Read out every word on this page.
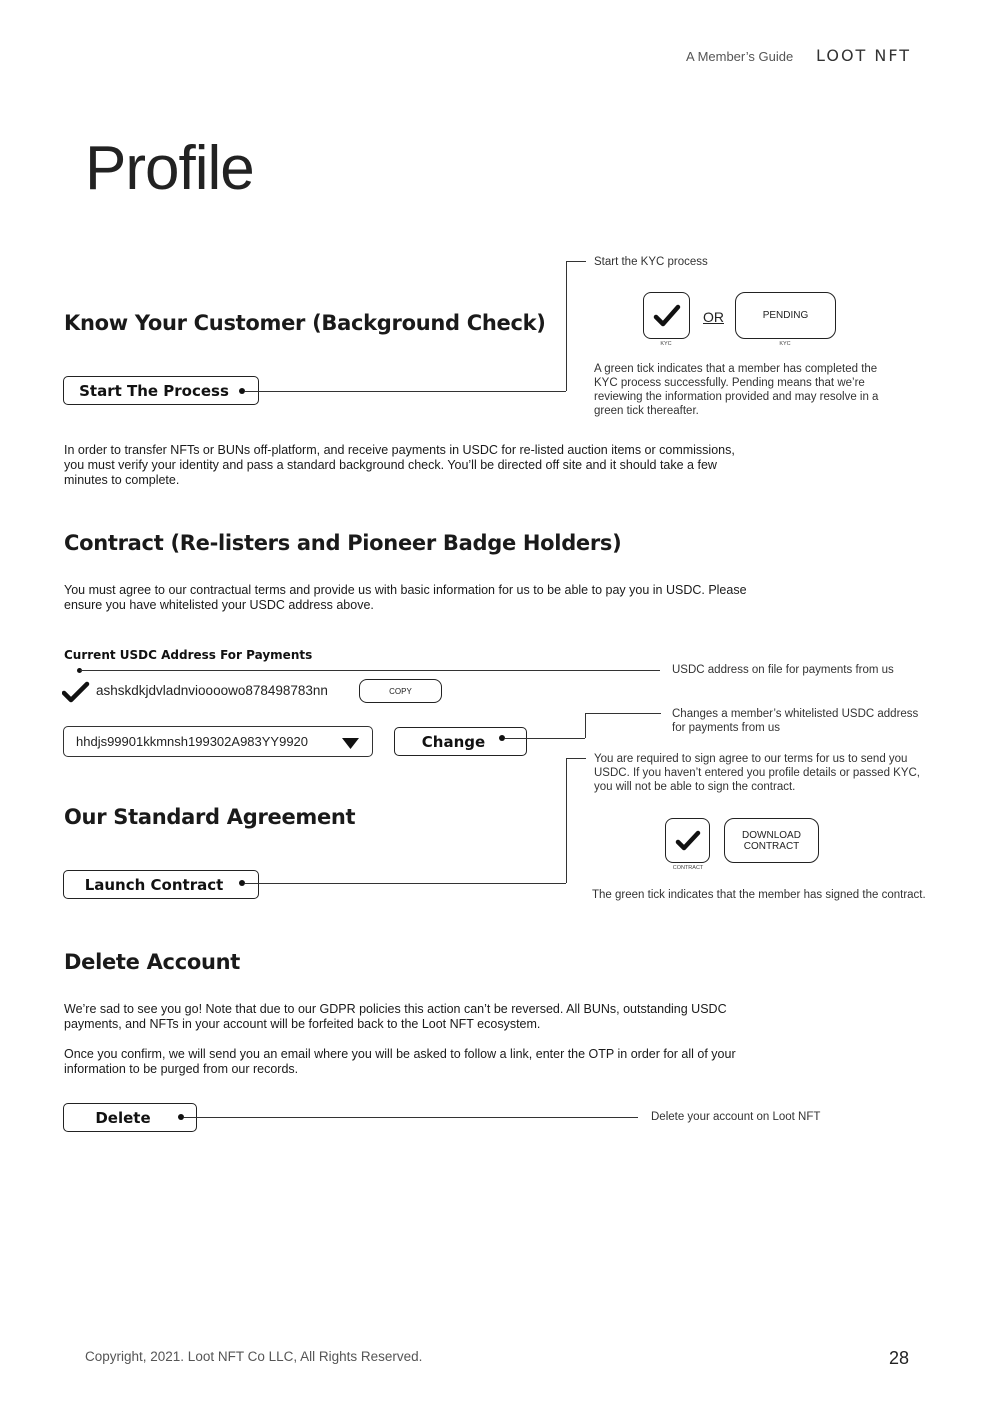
A Member’s Guide LOOT NFT
Profile
Know Your Customer (Background Check)
Start The Process
Start the KYC process
KYC
OR	PENDING
KYC
A green tick indicates that a member has completed the KYC process successfully. Pending means that we’re reviewing the information provided and may resolve in a green tick thereafter.
In order to transfer NFTs or BUNs off-platform, and receive payments in USDC for re-listed auction items or commissions, you must verify your identity and pass a standard background check. You’ll be directed off site and it should take a few minutes to complete.
Contract (Re-listers and Pioneer Badge Holders)
You must agree to our contractual terms and provide us with basic information for us to be able to pay you in USDC. Please ensure you have whitelisted your USDC address above.
Current USDC Address For Payments
USDC address on file for payments from us
ashskdkjdvladnvioooowo878498783nn	COPY
hhdjs99901kkmnsh199302A983YY9920	Change
Changes a member’s whitelisted USDC address for payments from us
Our Standard Agreement
Launch Contract
You are required to sign agree to our terms for us to send you USDC. If you haven’t entered you profile details or passed KYC, you will not be able to sign the contract.
CONTRACT
DOWNLOAD CONTRACT
The green tick indicates that the member has signed the contract.
Delete Account
We’re sad to see you go! Note that due to our GDPR policies this action can’t be reversed. All BUNs, outstanding USDC payments, and NFTs in your account will be forfeited back to the Loot NFT ecosystem.
Once you confirm, we will send you an email where you will be asked to follow a link, enter the OTP in order for all of your information to be purged from our records.
Delete	Delete your account on Loot NFT
Copyright, 2021. Loot NFT Co LLC, All Rights Reserved.	28
